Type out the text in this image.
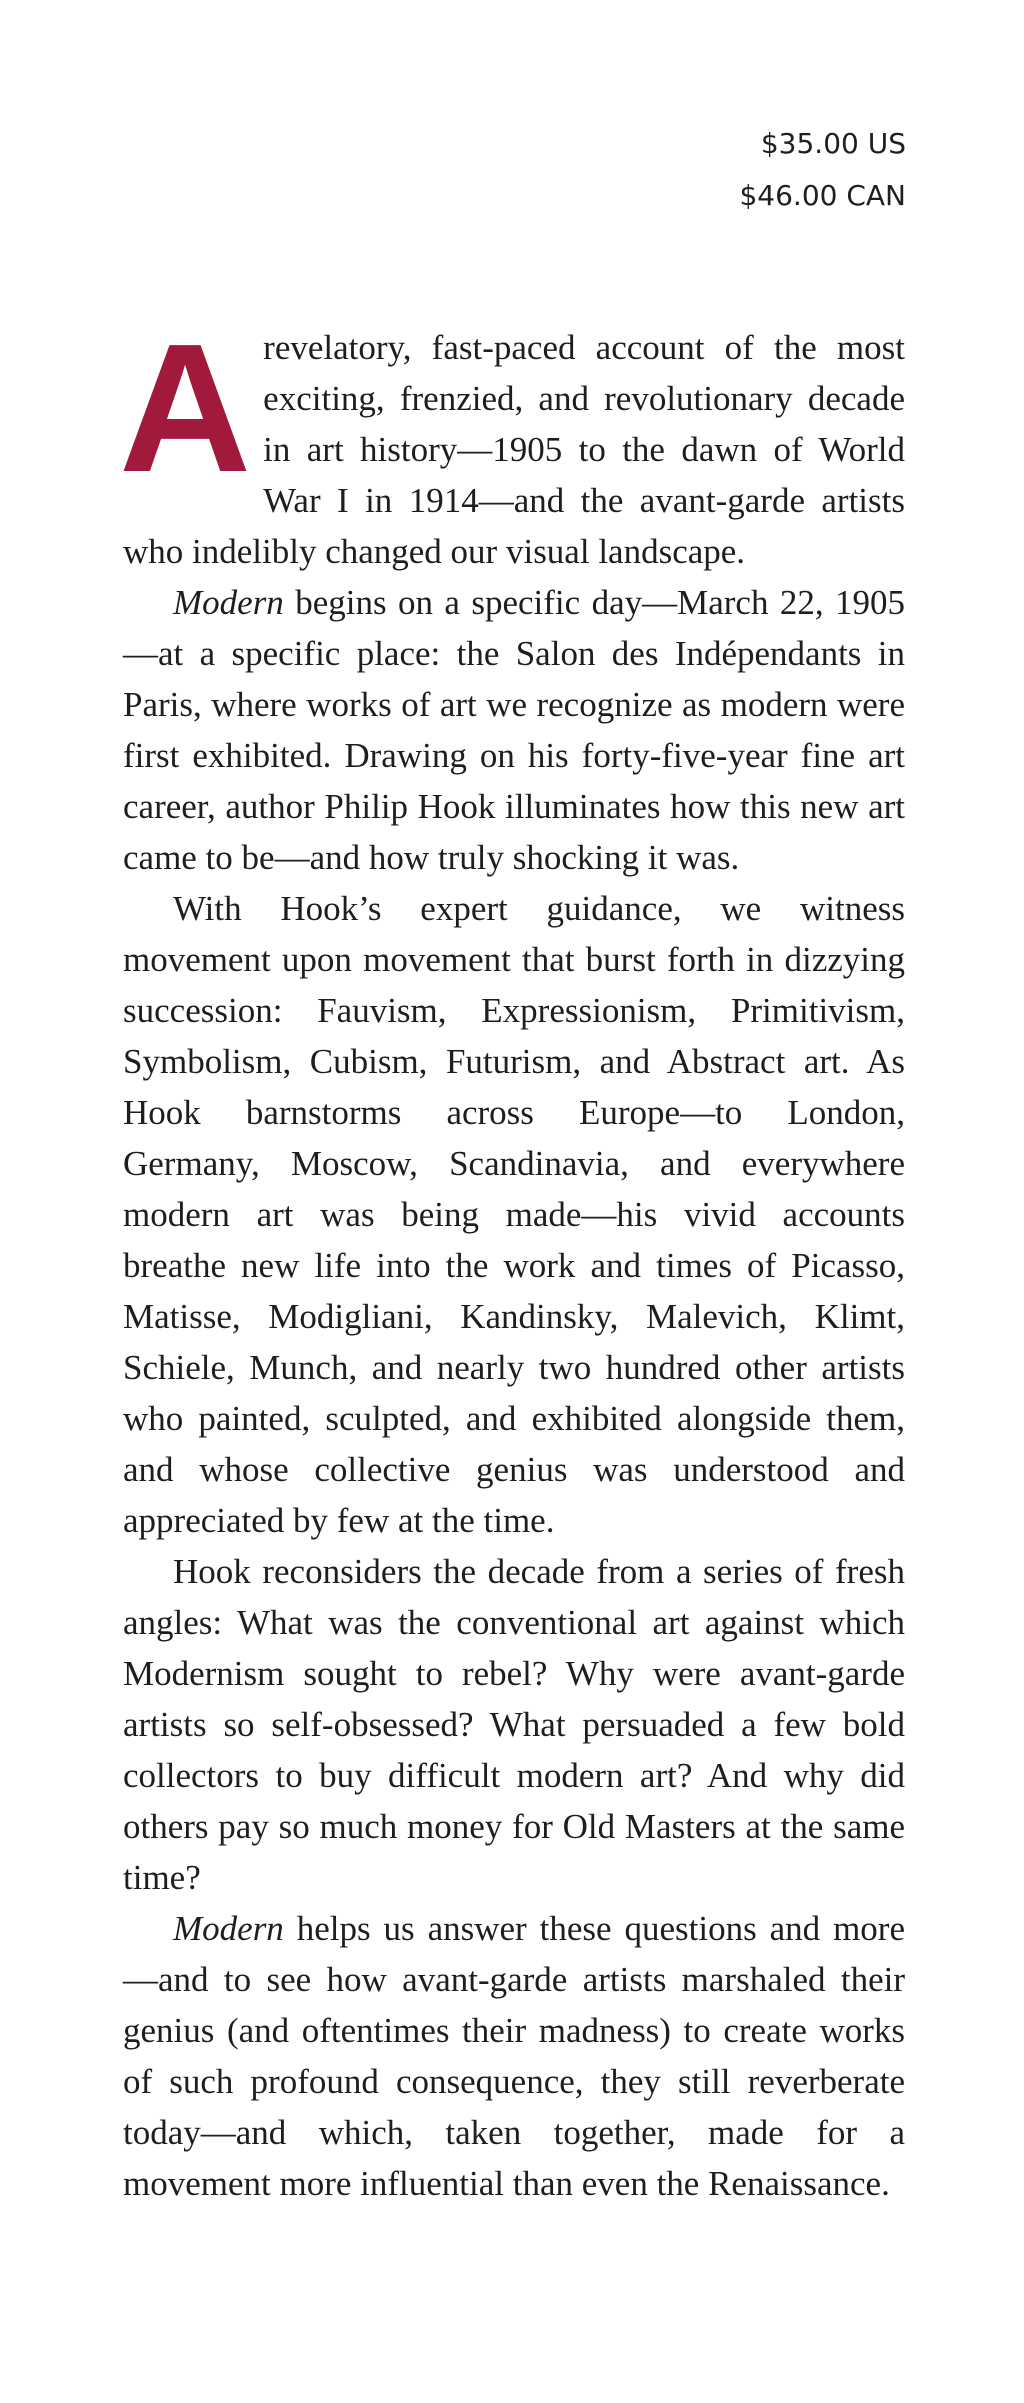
$35.00 US
$46.00 CAN

Arevelatory, fast-paced account of the most exciting, frenzied, and revolutionary decade in art history—1905 to the dawn of World War I in 1914—and the avant-garde artists who indelibly changed our visual landscape.

Modern begins on a specific day—March 22, 1905—at a specific place: the Salon des Indépendants in Paris, where works of art we recognize as modern were first exhibited. Drawing on his forty-five-year fine art career, author Philip Hook illuminates how this new art came to be—and how truly shocking it was.

With Hook’s expert guidance, we witness movement upon movement that burst forth in dizzying succession: Fauvism, Expressionism, Primitivism, Symbolism, Cubism, Futurism, and Abstract art. As Hook barnstorms across Europe—to London, Germany, Moscow, Scandinavia, and everywhere modern art was being made—his vivid accounts breathe new life into the work and times of Picasso, Matisse, Modigliani, Kandinsky, Malevich, Klimt, Schiele, Munch, and nearly two hundred other artists who painted, sculpted, and exhibited alongside them, and whose collective genius was understood and appreciated by few at the time.

Hook reconsiders the decade from a series of fresh angles: What was the conventional art against which Modernism sought to rebel? Why were avant-garde artists so self-obsessed? What persuaded a few bold collectors to buy difficult modern art? And why did others pay so much money for Old Masters at the same time?

Modern helps us answer these questions and more—and to see how avant-garde artists marshaled their genius (and oftentimes their madness) to create works of such profound consequence, they still reverberate today—and which, taken together, made for a movement more influential than even the Renaissance.
